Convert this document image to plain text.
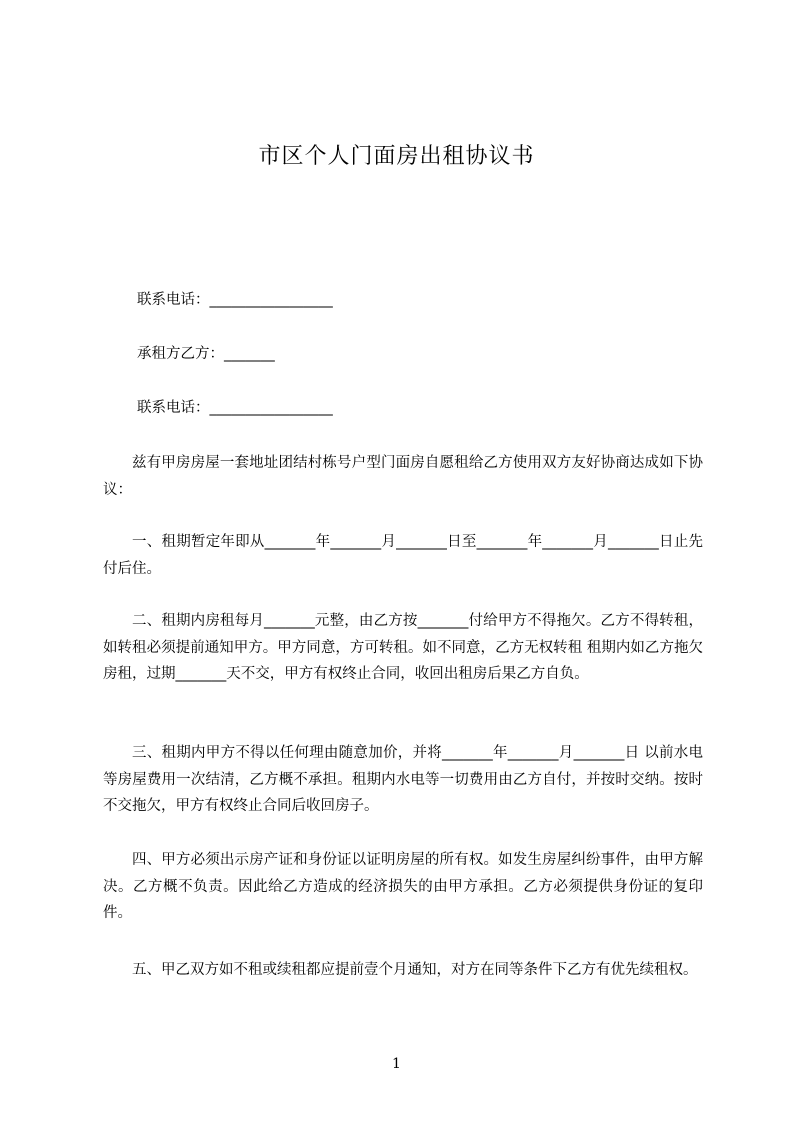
市区个人门面房出租协议书
联系电话：_________________
承租方乙方：_______
联系电话：_________________
兹有甲房房屋一套地址团结村栋号户型门面房自愿租给乙方使用双方友好协商达成如下协议：
一、租期暂定年即从_______年_______月_______日至_______年_______月_______日止先付后住。
二、租期内房租每月_______元整，由乙方按_______付给甲方不得拖欠。乙方不得转租，如转租必须提前通知甲方。甲方同意，方可转租。如不同意，乙方无权转租 租期内如乙方拖欠房租，过期_______天不交，甲方有权终止合同，收回出租房后果乙方自负。
三、租期内甲方不得以任何理由随意加价，并将_______年_______月_______日 以前水电等房屋费用一次结清，乙方概不承担。租期内水电等一切费用由乙方自付，并按时交纳。按时不交拖欠，甲方有权终止合同后收回房子。
四、甲方必须出示房产证和身份证以证明房屋的所有权。如发生房屋纠纷事件，由甲方解决。乙方概不负责。因此给乙方造成的经济损失的由甲方承担。乙方必须提供身份证的复印件。
五、甲乙双方如不租或续租都应提前壹个月通知，对方在同等条件下乙方有优先续租权。
1
